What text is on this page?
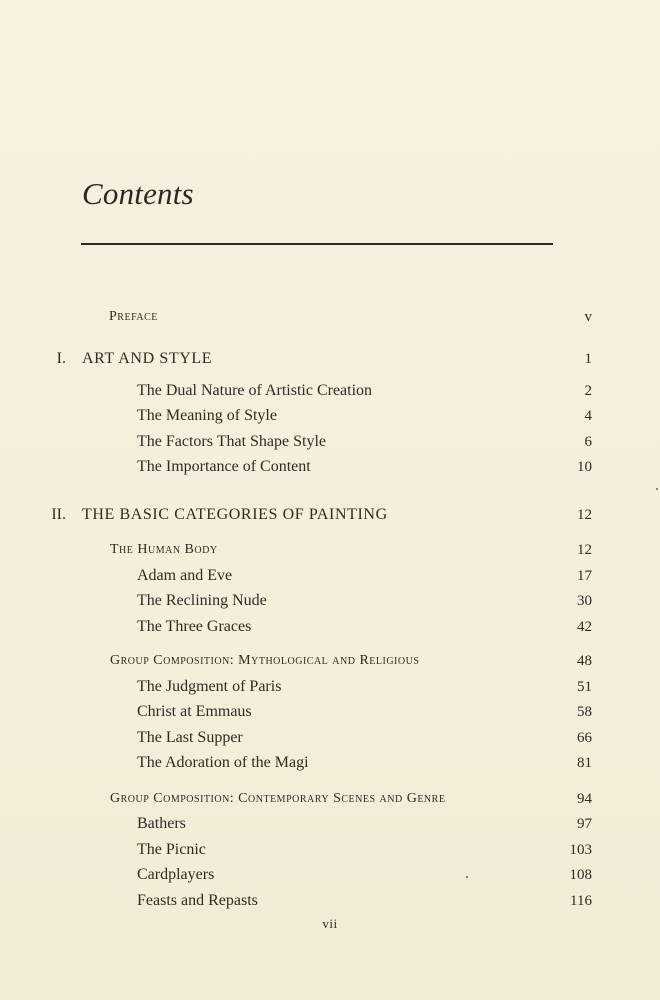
Contents
Preface	v
I. ART AND STYLE	1
The Dual Nature of Artistic Creation	2
The Meaning of Style	4
The Factors That Shape Style	6
The Importance of Content	10
II. THE BASIC CATEGORIES OF PAINTING	12
The Human Body	12
Adam and Eve	17
The Reclining Nude	30
The Three Graces	42
Group Composition: Mythological and Religious	48
The Judgment of Paris	51
Christ at Emmaus	58
The Last Supper	66
The Adoration of the Magi	81
Group Composition: Contemporary Scenes and Genre	94
Bathers	97
The Picnic	103
Cardplayers	108
Feasts and Repasts	116
vii
